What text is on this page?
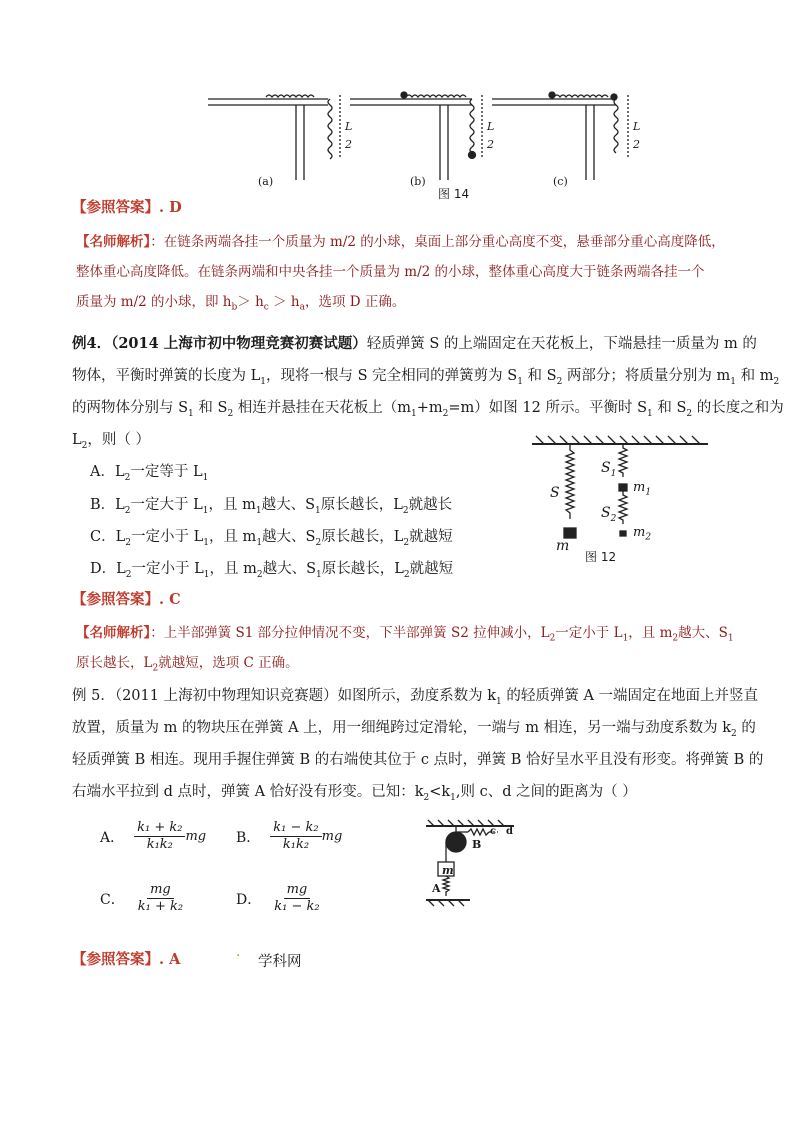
(a)	(b)	(c)
图 14
L	L	L
2	2	2
【参照答案】. D
【名师解析】：在链条两端各挂一个质量为 m/2 的小球，桌面上部分重心高度不变，悬垂部分重心高度降低，
整体重心高度降低。在链条两端和中央各挂一个质量为 m/2 的小球，整体重心高度大于链条两端各挂一个
质量为 m/2 的小球，即 $h_b> h_c > h_a$，选项 D 正确。
例4．（2014 上海市初中物理竞赛初赛试题）轻质弹簧 S 的上端固定在天花板上，下端悬挂一质量为 m 的
物体，平衡时弹簧的长度为 $L_1$，现将一根与 S 完全相同的弹簧剪为 $S_1$ 和 $S_2$ 两部分；将质量分别为 $m_1$ 和 $m_2$
的两物体分别与 $S_1$ 和 $S_2$ 相连并悬挂在天花板上$(m_1+m_2=m)$如图 12 所示。平衡时 $S_1$ 和 $S_2$ 的长度之和为
$L_2$，则（ ）
A．$L_2$一定等于 $L_1$
B．$L_2$一定大于 $L_1$，且 $m_1$越大、$S_1$原长越长，$L_2$就越长
C．$L_2$一定小于 $L_1$，且 $m_1$越大、$S_2$原长越长，$L_2$就越短
D．$L_2$一定小于 $L_1$，且 $m_2$越大、$S_1$原长越长，$L_2$就越短
S
$S_1$
$S_2$
m
$m_1$
$m_2$
图 12
【参照答案】. C
【名师解析】：上半部弹簧 S1 部分拉伸情况不变，下半部弹簧 S2 拉伸减小，$L_2$一定小于 $L_1$，且 $m_2$越大、$S_1$
原长越长，$L_2$就越短，选项 C 正确。
例 5．（2011 上海初中物理知识竞赛题）如图所示，劲度系数为 $k_1$ 的轻质弹簧 A 一端固定在地面上并竖直
放置，质量为 m 的物块压在弹簧 A 上，用一细绳跨过定滑轮，一端与 m 相连，另一端与劲度系数为 $k_2$ 的
轻质弹簧 B 相连。现用手握住弹簧 B 的右端使其位于 c 点时，弹簧 B 恰好呈水平且没有形变。将弹簧 B 的
右端水平拉到 d 点时，弹簧 A 恰好没有形变。已知：$k_2<k_1$,则 c、d 之间的距离为（ ）
A． $\frac{\text{k₁ + k₂}}{\text{k₁k₂}}$ mg B． $\frac{\text{k₁ − k₂}}{\text{k₁k₂}}$ mg
C． $\frac{mg}{\text{k₁ + k₂}}$	D． $\frac{mg}{\text{k₁ − k₂}}$
B
c d
m
A
【参照答案】. A	· 学科网
